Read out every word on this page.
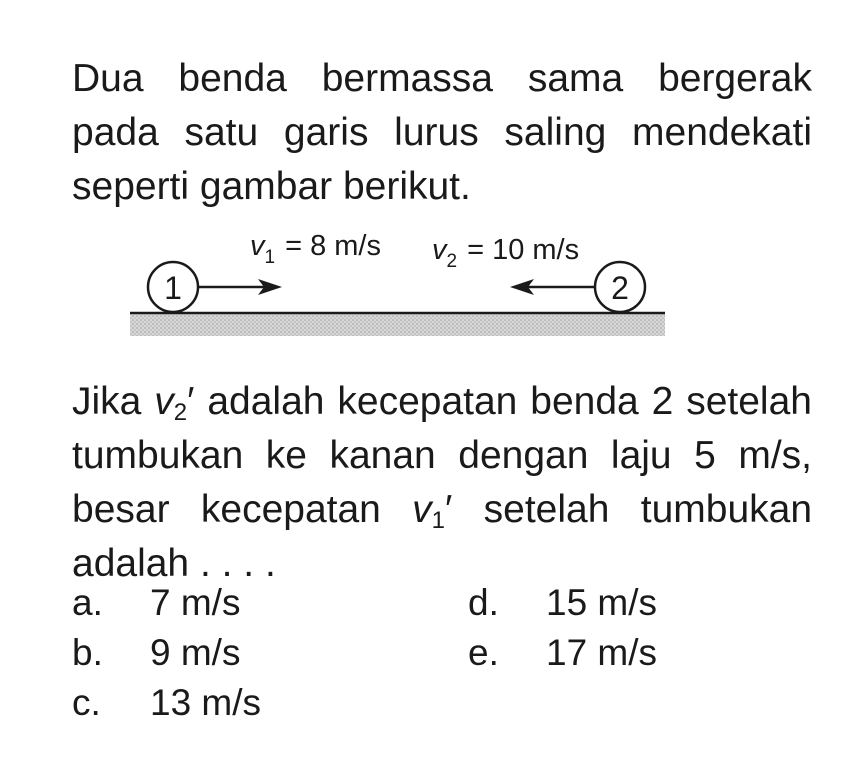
Dua benda bermassa sama bergerak pada satu garis lurus saling mendekati seperti gambar berikut.

1	2
$v_1 = 8$ m/s $v_2 = 10$ m/s

Jika $v_2'$ adalah kecepatan benda 2 setelah tumbukan ke kanan dengan laju 5 m/s, besar kecepatan $v_1'$ setelah tumbukan adalah . . . .

a. 7 m/s
b. 9 m/s
c. 13 m/s
d. 15 m/s
e. 17 m/s
